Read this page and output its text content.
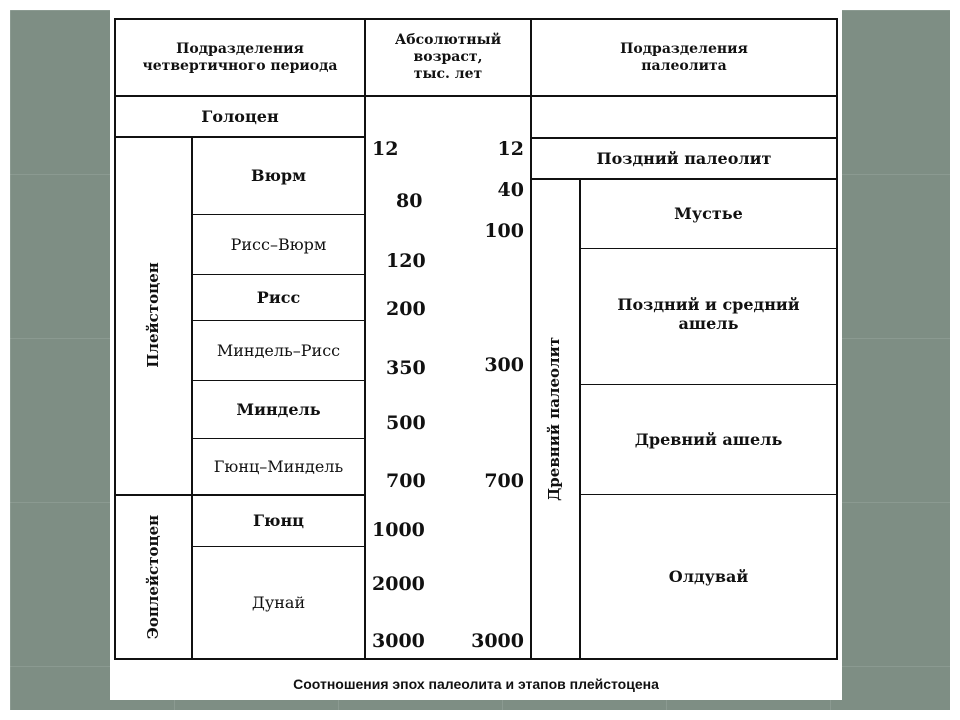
Подразделения
четвертичного периода
Абсолютный
возраст,
тыс. лет
Подразделения
палеолита
Голоцен
Плейстоцен
Эоплейстоцен
Вюрм
Рисс–Вюрм
Рисс
Миндель–Рисс
Миндель
Гюнц–Миндель
Гюнц
Дунай
12
80
120
200
350
500
700
1000
2000
3000
12
40
100
300
700
3000
Поздний палеолит
Древний палеолит
Мустье
Поздний и средний
ашель
Древний ашель
Олдувай
Соотношения эпох палеолита и этапов плейстоцена
